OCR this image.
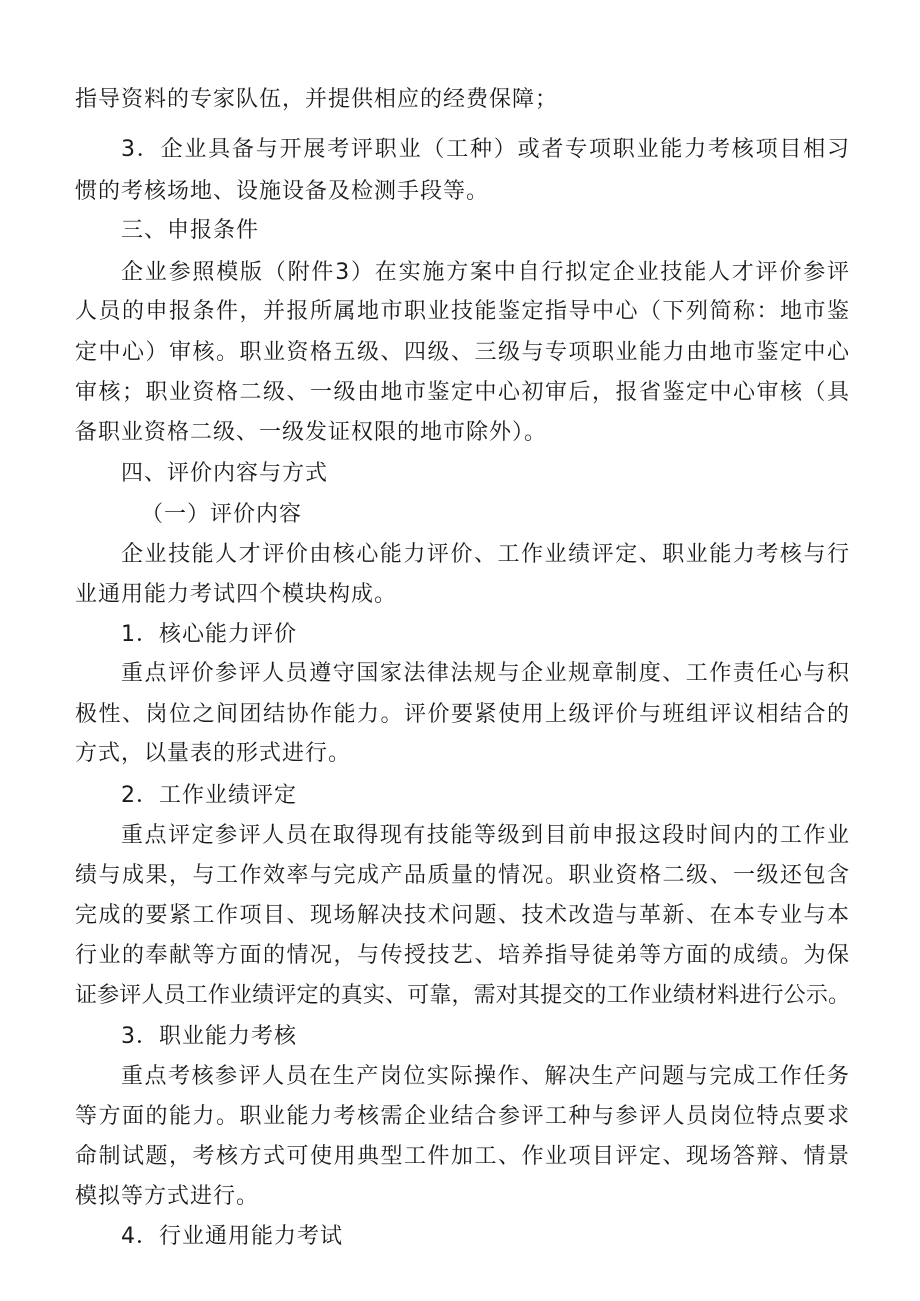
指导资料的专家队伍，并提供相应的经费保障；
3．企业具备与开展考评职业（工种）或者专项职业能力考核项目相习
惯的考核场地、设施设备及检测手段等。
三、申报条件
企业参照模版（附件3）在实施方案中自行拟定企业技能人才评价参评
人员的申报条件，并报所属地市职业技能鉴定指导中心（下列简称：地市鉴
定中心）审核。职业资格五级、四级、三级与专项职业能力由地市鉴定中心
审核；职业资格二级、一级由地市鉴定中心初审后，报省鉴定中心审核（具
备职业资格二级、一级发证权限的地市除外）。
四、评价内容与方式
（一）评价内容
企业技能人才评价由核心能力评价、工作业绩评定、职业能力考核与行
业通用能力考试四个模块构成。
1．核心能力评价
重点评价参评人员遵守国家法律法规与企业规章制度、工作责任心与积
极性、岗位之间团结协作能力。评价要紧使用上级评价与班组评议相结合的
方式，以量表的形式进行。
2．工作业绩评定
重点评定参评人员在取得现有技能等级到目前申报这段时间内的工作业
绩与成果，与工作效率与完成产品质量的情况。职业资格二级、一级还包含
完成的要紧工作项目、现场解决技术问题、技术改造与革新、在本专业与本
行业的奉献等方面的情况，与传授技艺、培养指导徒弟等方面的成绩。为保
证参评人员工作业绩评定的真实、可靠，需对其提交的工作业绩材料进行公示。
3．职业能力考核
重点考核参评人员在生产岗位实际操作、解决生产问题与完成工作任务
等方面的能力。职业能力考核需企业结合参评工种与参评人员岗位特点要求
命制试题，考核方式可使用典型工件加工、作业项目评定、现场答辩、情景
模拟等方式进行。
4．行业通用能力考试
